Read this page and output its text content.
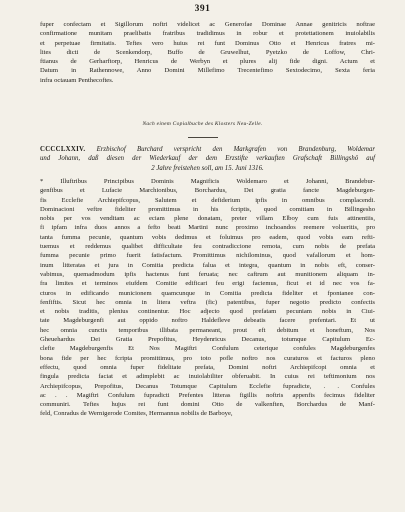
391
fuper confectam et Sigillorum noftri videlicet ac Generofae Dominae Annae genitricis noftrae
confirmatione munitam praelibatis fratribus tradidimus in robur et protettationem inuiolabilis
et perpetuae firmitatis. Teftes vero huius rei funt Dominus Otto et Henricus fratres mi-
lites dicti de Scenkendorp, Buffo de Gruwelhut, Pyetzko de Loffow, Chri-
ftianus de Gerharftorp, Henricus de Werbyn et plures alij fide digni. Actum et
Datum in Rathennowe, Anno Domini Millefimo Trecentefimo Sextodecimo, Sexta feria
infra octauam Penthecoftes.
Nach einem Copialbuche des Klosters Neu-Zelle.
CCCCLXXIV. Erzbischof Burchard verspricht den Markgrafen von Brandenburg, Woldemar
und Johann, daß diesen der Wiederkauf der dem Erzstifte verkauften Grafschaft Billingshö auf
2 Jahre freistehen soll, am 15. Juni 1316.
* Illuftribus Principibus Dominis Magnificis Woldemaro et Johanni, Brandebur-
genfibus et Lufacie Marchionibus, Borchardus, Dei gratia fancte Magdeburgen-
fis Ecclefie Archiepifcopus, Salutem et defiderium ipfis in omnibus complacendi.
Dominacioni veftre fideliter promittimus in his fcriptis, quod comitiam in Billingesho
nobis per vos venditam ac eciam plene donatam, preter villam Elboy cum fuis attinentiis,
fi ipfam infra duos annos a fefto beati Martini nunc proximo inchoandos reemere volueritis, pro
tanta fumma pecunie, quantum vobis dedimus et foluimus pro eadem, quod vobis eam refti-
tuemus et reddemus qualibet difficultate feu contradiccione remota, cum nobis de prefata
fumma pecunie primo fuerit fatisfactum. Promittimus nichilominus, quod vafallorum et hom-
inum litteratas et jura in Comitia predicta falua et integra, quantum in nobis eft, conser-
vabimus, quemadmodum ipfis hactenus funt feruata; nec caftrum aut munitionem aliquam in-
fra limites et terminos eiufdem Comitie edificari feu erigi faciemus, ficut et id nec vos fa-
cturos in edificando municionem quamcunque in Comitia predicta fideliter et fpontanee con-
fenfiftis. Sicut hec omnia in litera veftra (fic) patentibus, fuper negotio predicto confectis
et nobis traditis, plenius continentur. Hoc adjecto quod prefatam pecuniam nobis in Ciui-
tate Magdeburgenfi aut oppido noftro Haldefleve debeatis facere prefentari. Et ut
hec omnia cunctis temporibus illibata permaneant, prout eft debitum et honeftum, Nos
Gheuehardus Dei Gratia Prepofitus, Heydenricus Decanus, totumque Capitulum Ec-
clefie Magdeburgenfis Et Nos Magiftri Confulum ceterique confules Magdeburgenfes
bona fide per hec fcripta promittimus, pro toto pofle noftro nos curaturos et facturos pleno
effectu, quod omnia fuper fidelitate prefata, Domini noftri Archiepifcopi omnia et
fingula predicta faciat et adimplebit ac inuiolabiliter obferuabit. In cuius rei teftimonium nos
Archiepifcopus, Prepofitus, Decanus Totumque Capitulum Ecclefie fupradicte, . . Confules
ac . . Magiftri Confulum fupradicti Prefentes litteras figillis noftris appenfis fecimus fideliter
communiri. Teftes hujus rei funt domini Otto de valkenften, Borchardus de Manf-
feld, Conradus de Wernigerode Comites, Hermannus nobilis de Barboye,
